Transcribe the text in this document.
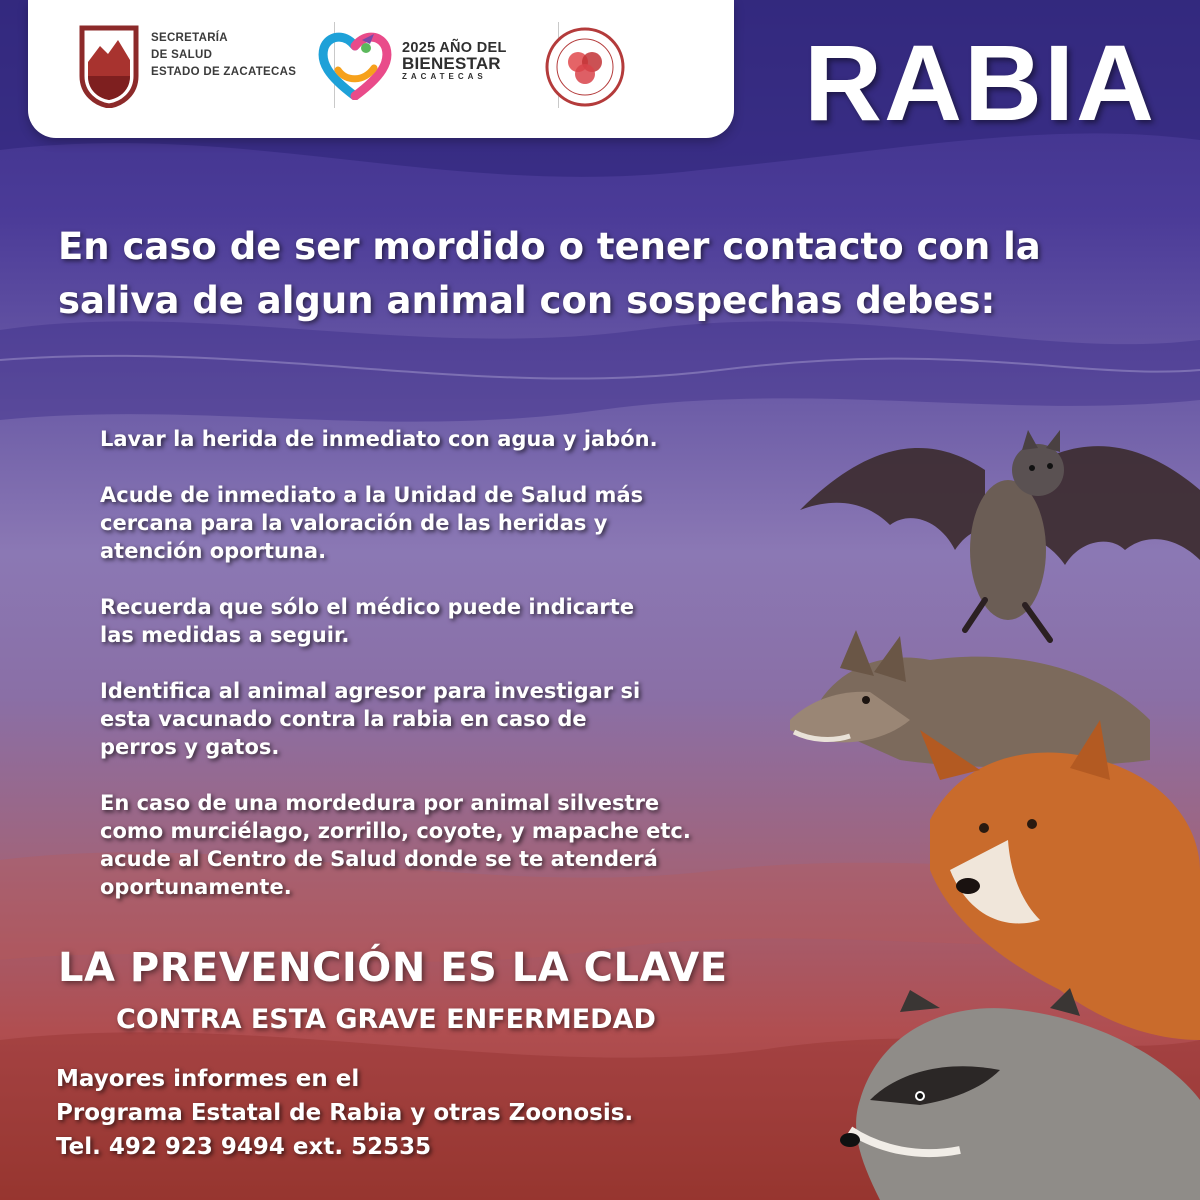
SECRETARÍA
DE SALUD
ESTADO DE ZACATECAS
2025 AÑO DEL
BIENESTAR
ZACATECAS	RABIA
En caso de ser mordido o tener contacto con la saliva de algun animal con sospechas debes:
Lavar la herida de inmediato con agua y jabón.
Acude de inmediato a la Unidad de Salud más
cercana para la valoración de las heridas y
atención oportuna.
Recuerda que sólo el médico puede indicarte
las medidas a seguir.
Identifica al animal agresor para investigar si
esta vacunado contra la rabia en caso de
perros y gatos.
En caso de una mordedura por animal silvestre
como murciélago, zorrillo, coyote, y mapache etc.
acude al Centro de Salud donde se te atenderá
oportunamente.
LA PREVENCIÓN ES LA CLAVE
CONTRA ESTA GRAVE ENFERMEDAD
Mayores informes en el
Programa Estatal de Rabia y otras Zoonosis.
Tel. 492 923 9494 ext. 52535
